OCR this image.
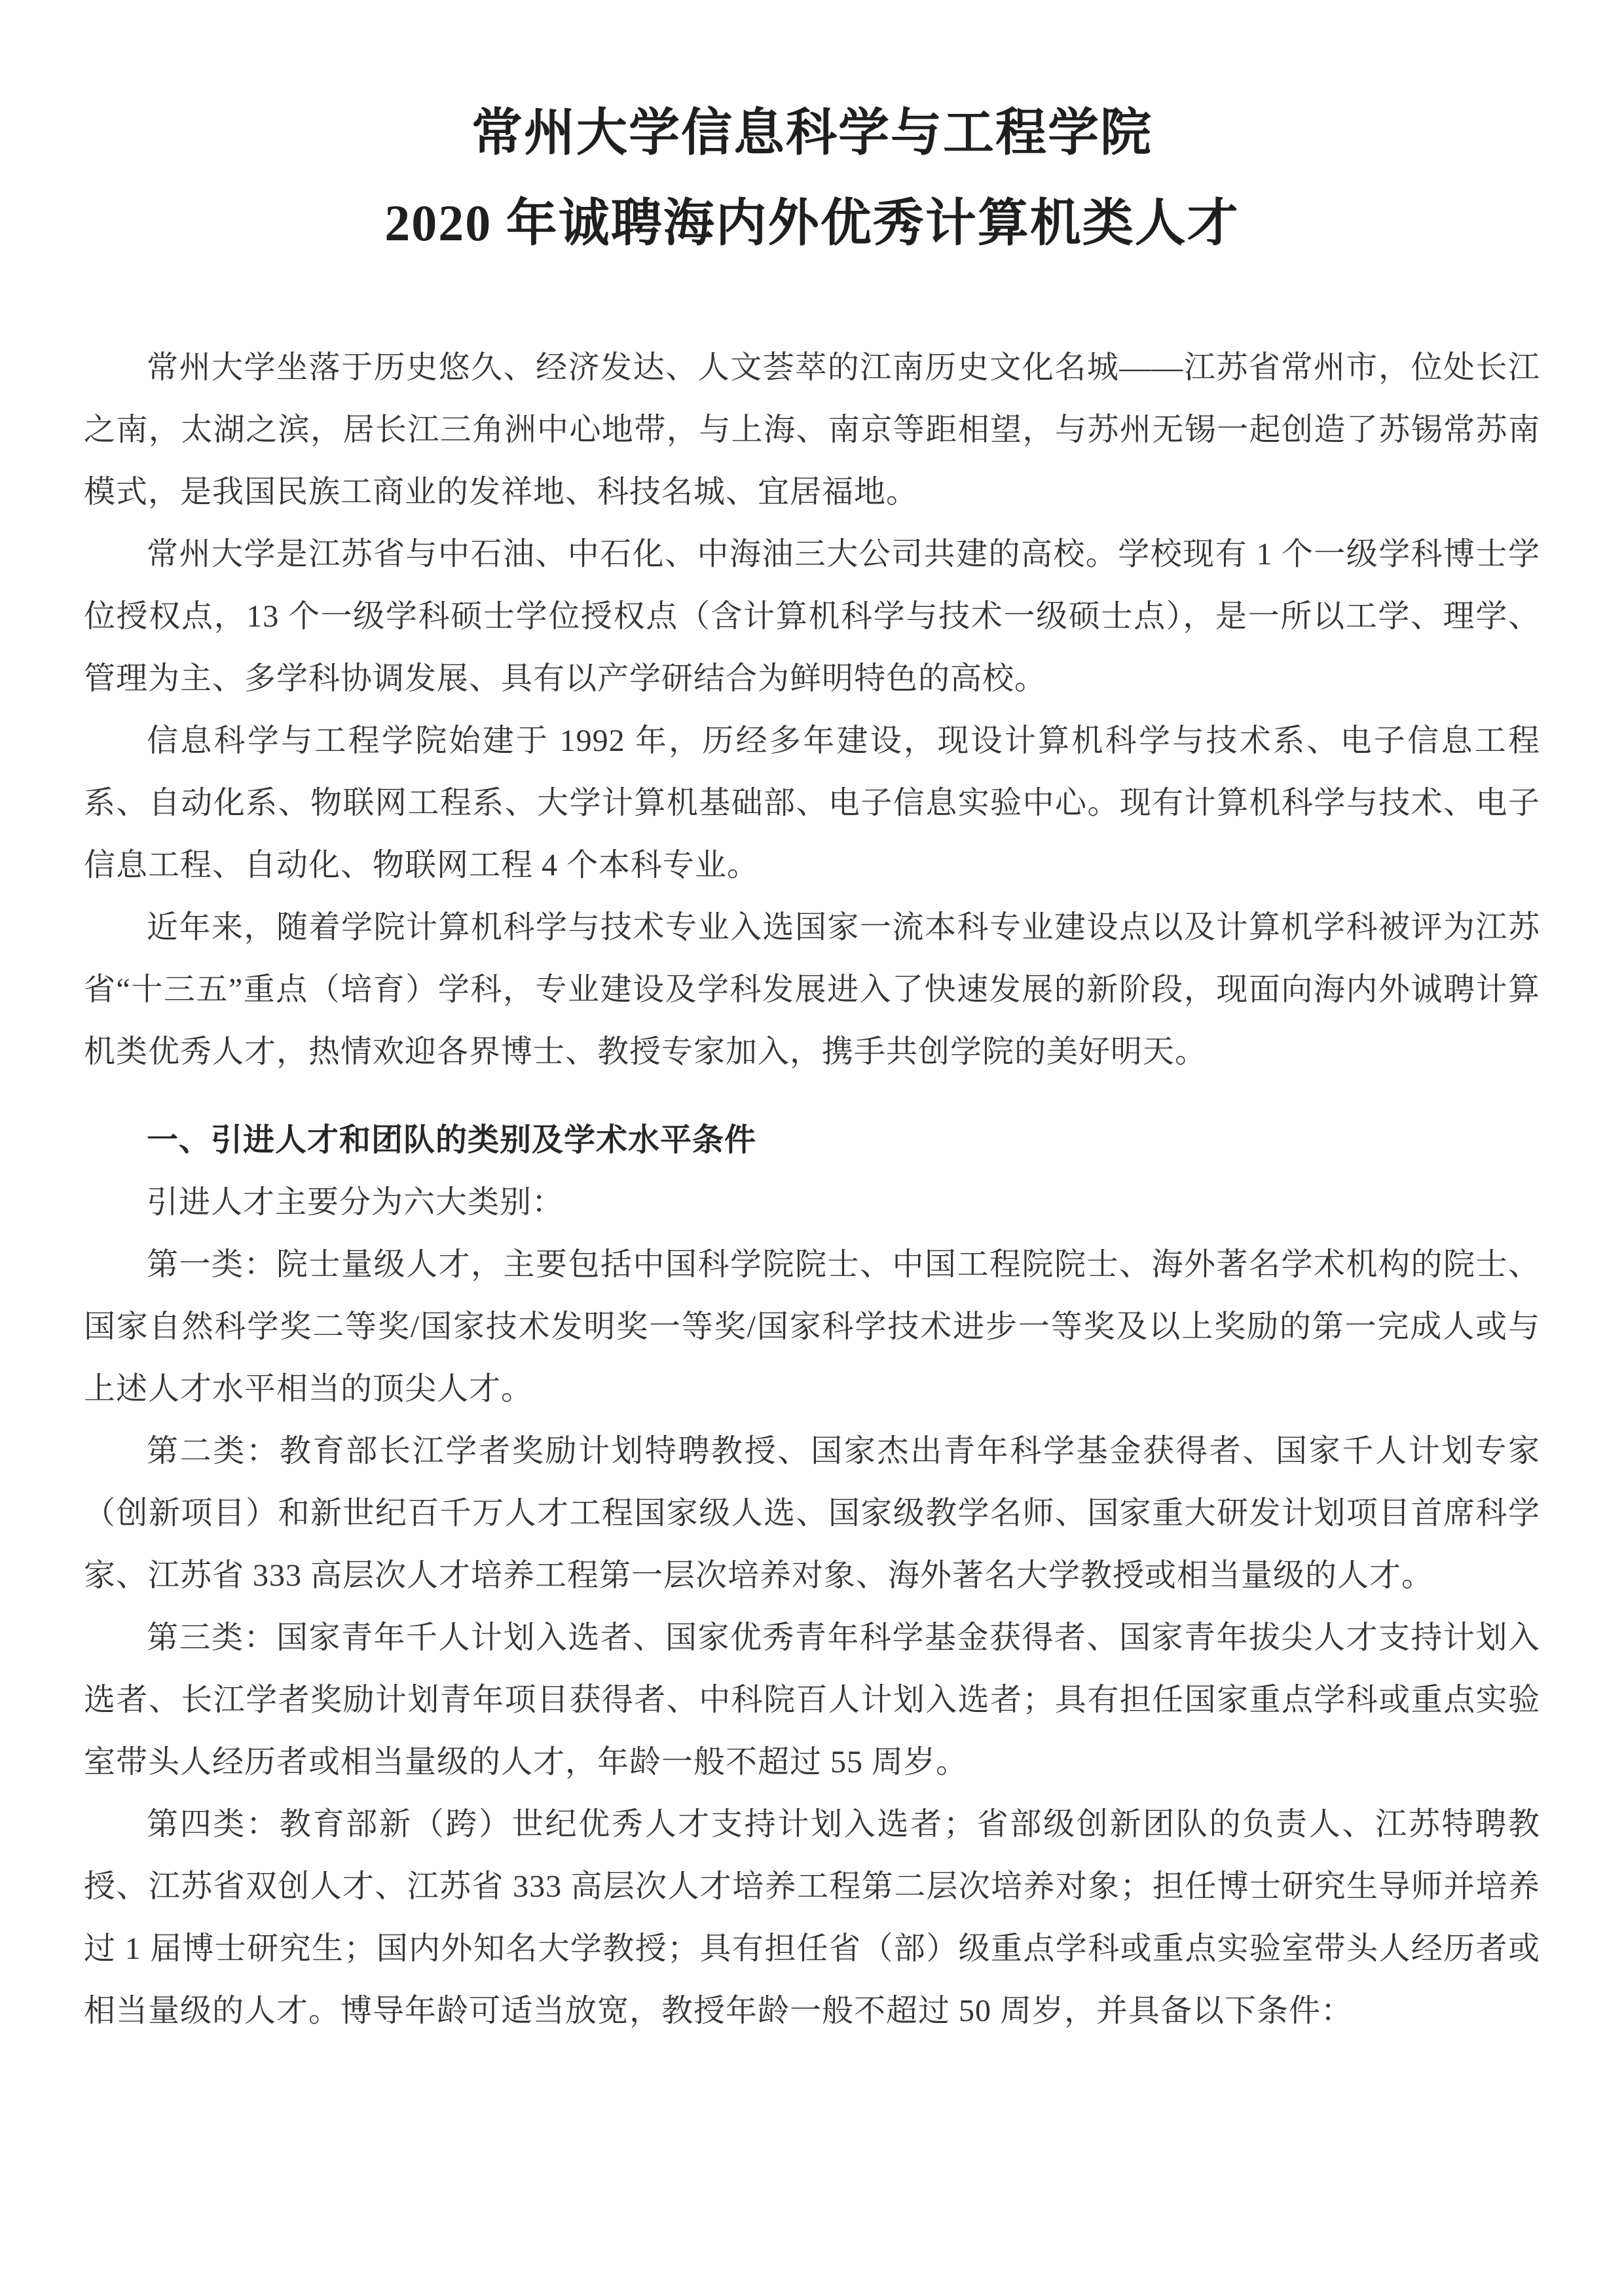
常州大学信息科学与工程学院
2020 年诚聘海内外优秀计算机类人才

常州大学坐落于历史悠久、经济发达、人文荟萃的江南历史文化名城——江苏省常州市，位处长江之南，太湖之滨，居长江三角洲中心地带，与上海、南京等距相望，与苏州无锡一起创造了苏锡常苏南模式，是我国民族工商业的发祥地、科技名城、宜居福地。

常州大学是江苏省与中石油、中石化、中海油三大公司共建的高校。学校现有 1 个一级学科博士学位授权点，13 个一级学科硕士学位授权点（含计算机科学与技术一级硕士点），是一所以工学、理学、管理为主、多学科协调发展、具有以产学研结合为鲜明特色的高校。

信息科学与工程学院始建于 1992 年，历经多年建设，现设计算机科学与技术系、电子信息工程系、自动化系、物联网工程系、大学计算机基础部、电子信息实验中心。现有计算机科学与技术、电子信息工程、自动化、物联网工程 4 个本科专业。

近年来，随着学院计算机科学与技术专业入选国家一流本科专业建设点以及计算机学科被评为江苏省“十三五”重点（培育）学科，专业建设及学科发展进入了快速发展的新阶段，现面向海内外诚聘计算机类优秀人才，热情欢迎各界博士、教授专家加入，携手共创学院的美好明天。

一、引进人才和团队的类别及学术水平条件

引进人才主要分为六大类别：

第一类：院士量级人才，主要包括中国科学院院士、中国工程院院士、海外著名学术机构的院士、国家自然科学奖二等奖/国家技术发明奖一等奖/国家科学技术进步一等奖及以上奖励的第一完成人或与上述人才水平相当的顶尖人才。

第二类：教育部长江学者奖励计划特聘教授、国家杰出青年科学基金获得者、国家千人计划专家（创新项目）和新世纪百千万人才工程国家级人选、国家级教学名师、国家重大研发计划项目首席科学家、江苏省 333 高层次人才培养工程第一层次培养对象、海外著名大学教授或相当量级的人才。

第三类：国家青年千人计划入选者、国家优秀青年科学基金获得者、国家青年拔尖人才支持计划入选者、长江学者奖励计划青年项目获得者、中科院百人计划入选者；具有担任国家重点学科或重点实验室带头人经历者或相当量级的人才，年龄一般不超过 55 周岁。

第四类：教育部新（跨）世纪优秀人才支持计划入选者；省部级创新团队的负责人、江苏特聘教授、江苏省双创人才、江苏省 333 高层次人才培养工程第二层次培养对象；担任博士研究生导师并培养过 1 届博士研究生；国内外知名大学教授；具有担任省（部）级重点学科或重点实验室带头人经历者或相当量级的人才。博导年龄可适当放宽，教授年龄一般不超过 50 周岁，并具备以下条件：
